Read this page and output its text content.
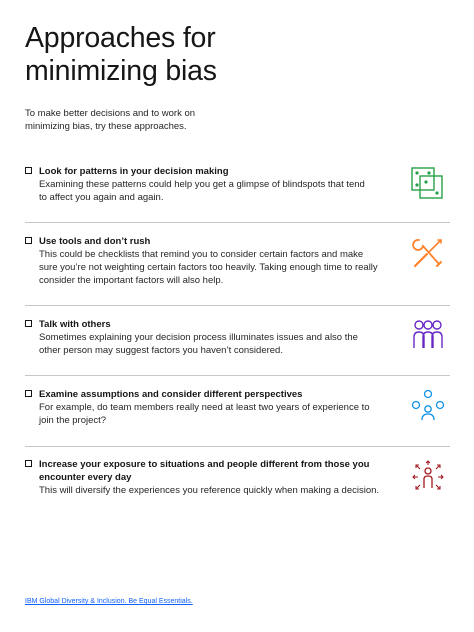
Approaches for
minimizing bias
To make better decisions and to work on
minimizing bias, try these approaches.
Look for patterns in your decision making
Examining these patterns could help you get a glimpse of blindspots that tend
to affect you again and again.
Use tools and don’t rush
This could be checklists that remind you to consider certain factors and make
sure you’re not weighting certain factors too heavily. Taking enough time to really
consider the important factors will also help.
Talk with others
Sometimes explaining your decision process illuminates issues and also the
other person may suggest factors you haven’t considered.
Examine assumptions and consider different perspectives
For example, do team members really need at least two years of experience to
join the project?
Increase your exposure to situations and people different from those you
encounter every day
This will diversify the experiences you reference quickly when making a decision.
IBM Global Diversity & Inclusion. Be Equal Essentials.
